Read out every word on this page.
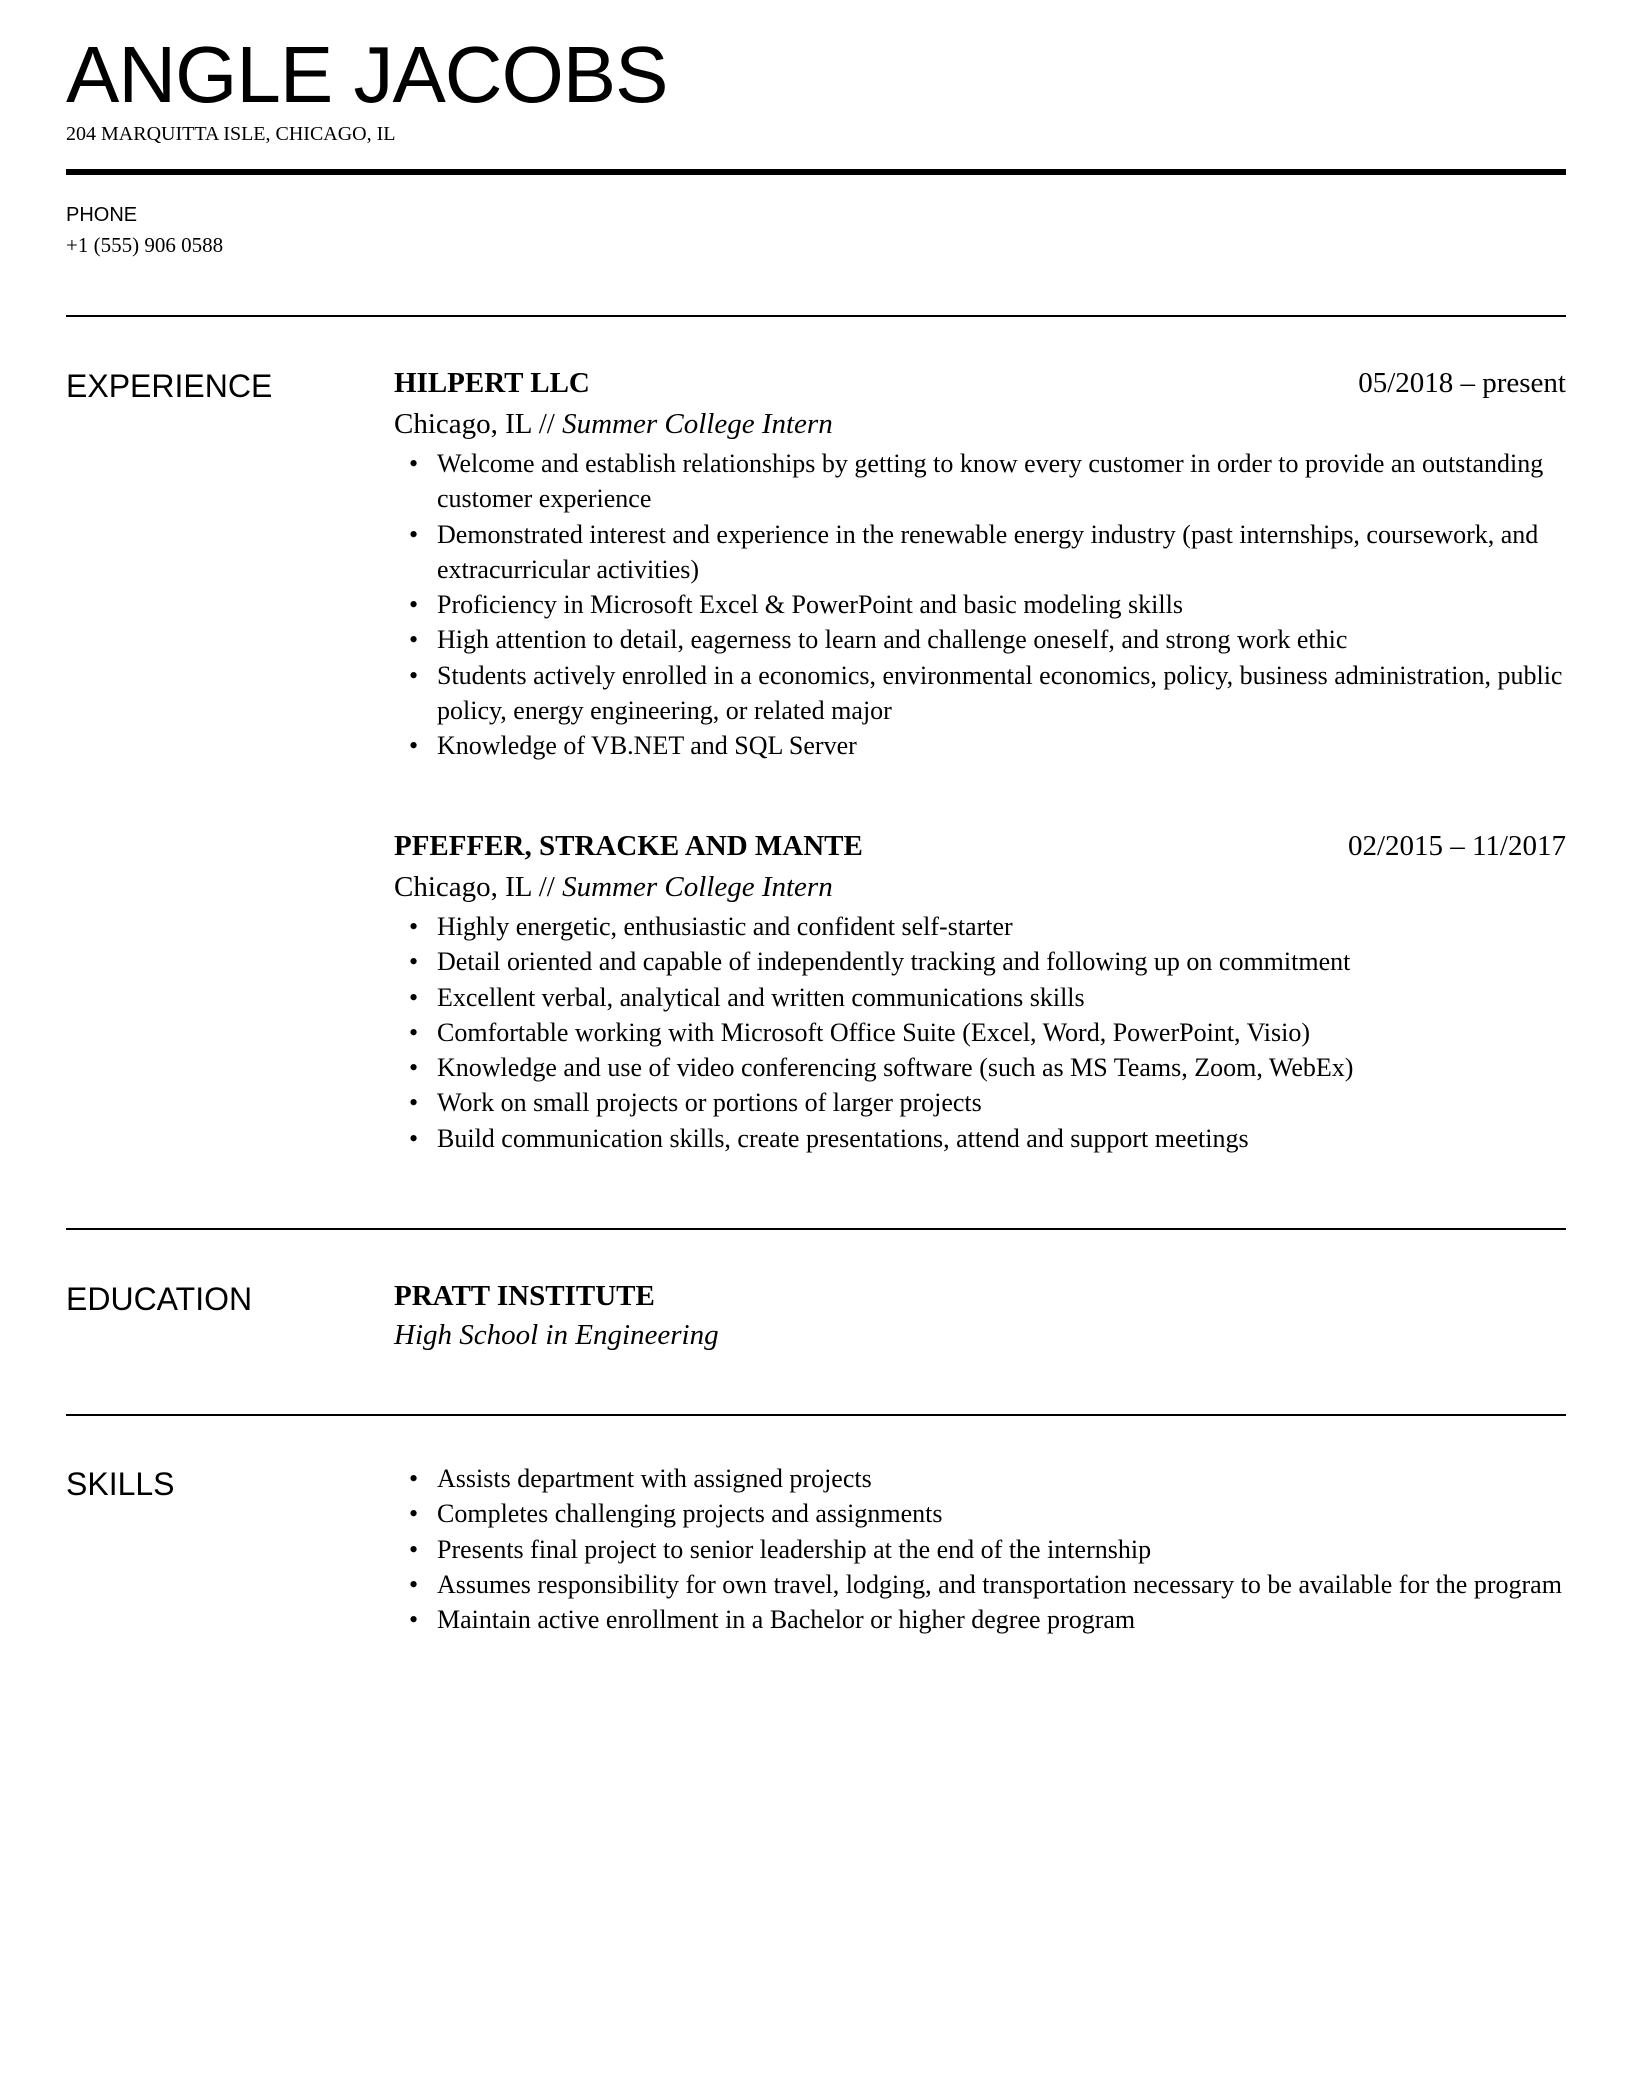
ANGLE JACOBS
204 MARQUITTA ISLE, CHICAGO, IL
PHONE
+1 (555) 906 0588
EXPERIENCE	HILPERT LLC	05/2018 – present
Chicago, IL // Summer College Intern
• Welcome and establish relationships by getting to know every customer in order to provide an outstanding customer experience
• Demonstrated interest and experience in the renewable energy industry (past internships, coursework, and extracurricular activities)
• Proficiency in Microsoft Excel & PowerPoint and basic modeling skills
• High attention to detail, eagerness to learn and challenge oneself, and strong work ethic
• Students actively enrolled in a economics, environmental economics, policy, business administration, public policy, energy engineering, or related major
• Knowledge of VB.NET and SQL Server
PFEFFER, STRACKE AND MANTE	02/2015 – 11/2017
Chicago, IL // Summer College Intern
• Highly energetic, enthusiastic and confident self-starter
• Detail oriented and capable of independently tracking and following up on commitment
• Excellent verbal, analytical and written communications skills
• Comfortable working with Microsoft Office Suite (Excel, Word, PowerPoint, Visio)
• Knowledge and use of video conferencing software (such as MS Teams, Zoom, WebEx)
• Work on small projects or portions of larger projects
• Build communication skills, create presentations, attend and support meetings
EDUCATION	PRATT INSTITUTE
High School in Engineering
SKILLS
•	Assists department with assigned projects
• Completes challenging projects and assignments
• Presents final project to senior leadership at the end of the internship
• Assumes responsibility for own travel, lodging, and transportation necessary to be available for the program
• Maintain active enrollment in a Bachelor or higher degree program
